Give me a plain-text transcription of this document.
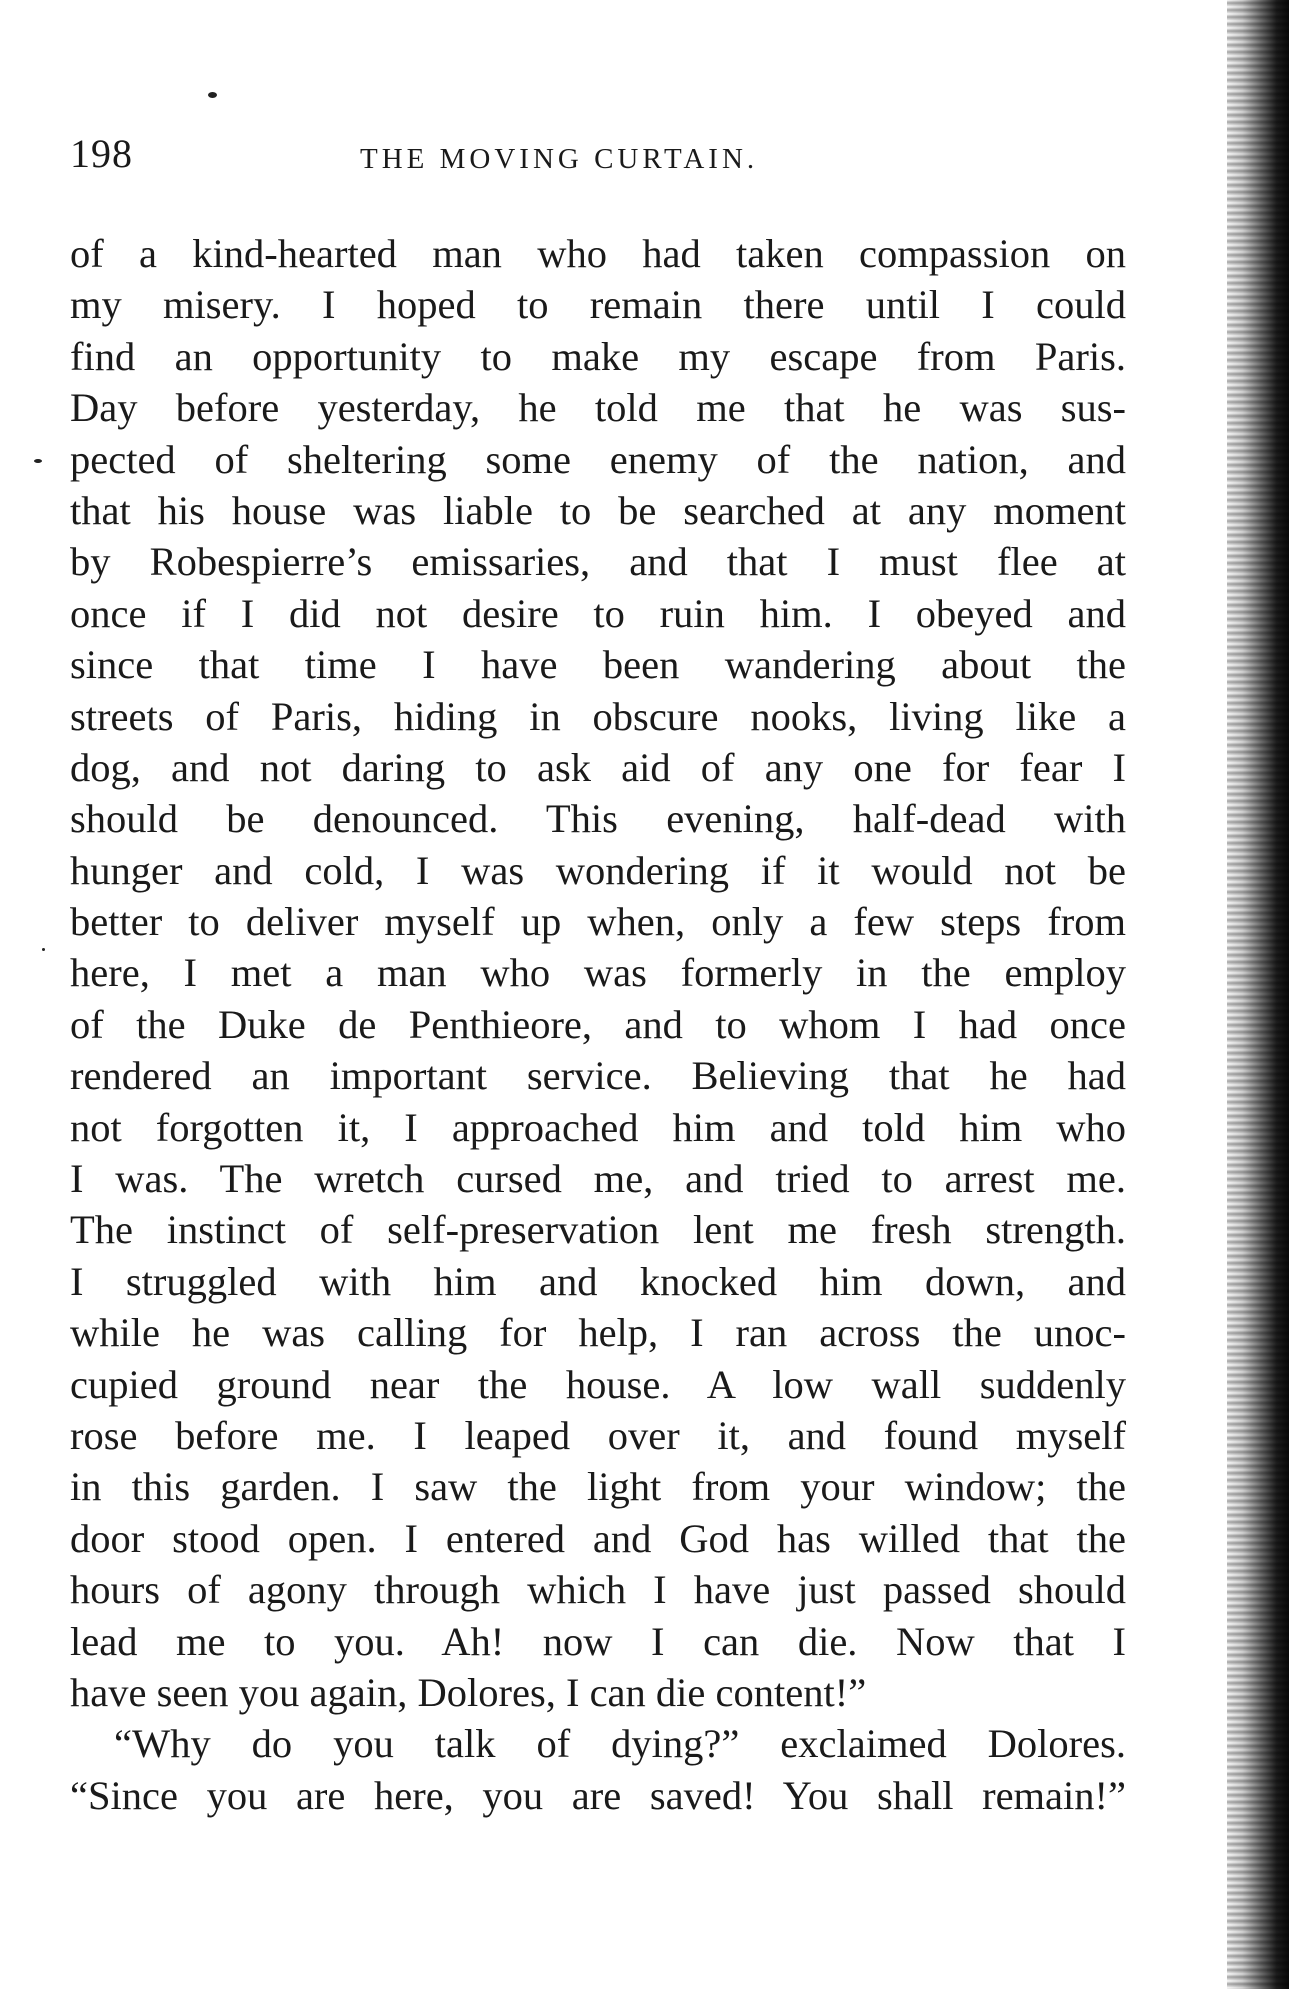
198	THE MOVING CURTAIN.
of a kind-hearted man who had taken compassion on
my misery. I hoped to remain there until I could
find an opportunity to make my escape from Paris.
Day before yesterday, he told me that he was sus-
pected of sheltering some enemy of the nation, and
that his house was liable to be searched at any moment
by Robespierre’s emissaries, and that I must flee at
once if I did not desire to ruin him. I obeyed and
since that time I have been wandering about the
streets of Paris, hiding in obscure nooks, living like a
dog, and not daring to ask aid of any one for fear I
should be denounced. This evening, half-dead with
hunger and cold, I was wondering if it would not be
better to deliver myself up when, only a few steps from
here, I met a man who was formerly in the employ
of the Duke de Penthieore, and to whom I had once
rendered an important service. Believing that he had
not forgotten it, I approached him and told him who
I was. The wretch cursed me, and tried to arrest me.
The instinct of self-preservation lent me fresh strength.
I struggled with him and knocked him down, and
while he was calling for help, I ran across the unoc-
cupied ground near the house. A low wall suddenly
rose before me. I leaped over it, and found myself
in this garden. I saw the light from your window; the
door stood open. I entered and God has willed that the
hours of agony through which I have just passed should
lead me to you. Ah! now I can die. Now that I
have seen you again, Dolores, I can die content!”
“Why do you talk of dying?” exclaimed Dolores.
“Since you are here, you are saved! You shall remain!”
